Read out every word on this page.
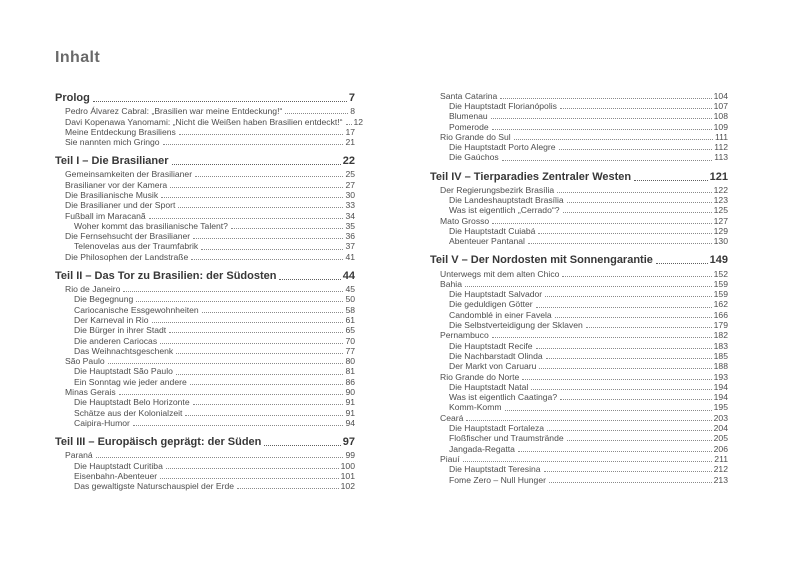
Inhalt
Prolog	7
Pedro Álvarez Cabral: „Brasilien war meine Entdeckung!“	8
Davi Kopenawa Yanomami: „Nicht die Weißen haben Brasilien entdeckt!“ 12
Meine Entdeckung Brasiliens	17
Sie nannten mich Gringo	21
Teil I – Die Brasilianer	22
Gemeinsamkeiten der Brasilianer	25
Brasilianer vor der Kamera	27
Die Brasilianische Musik	30
Die Brasilianer und der Sport	33
Fußball im Maracanã	34
Woher kommt das brasilianische Talent?	35
Die Fernsehsucht der Brasilianer	36
Telenovelas aus der Traumfabrik	37
Die Philosophen der Landstraße	41
Teil II – Das Tor zu Brasilien: der Südosten	44
Rio de Janeiro	45
Die Begegnung	50
Cariocanische Essgewohnheiten	58
Der Karneval in Rio	61
Die Bürger in ihrer Stadt	65
Die anderen Cariocas	70
Das Weihnachtsgeschenk	77
São Paulo	80
Die Hauptstadt São Paulo	81
Ein Sonntag wie jeder andere	86
Minas Gerais	90
Die Hauptstadt Belo Horizonte	91
Schätze aus der Kolonialzeit	91
Caipira-Humor	94
Teil III – Europäisch geprägt: der Süden	97
Paraná	99
Die Hauptstadt Curitiba	100
Eisenbahn-Abenteuer	101
Das gewaltigste Naturschauspiel der Erde	102
Santa Catarina	104
Die Hauptstadt Florianópolis	107
Blumenau	108
Pomerode	109
Rio Grande do Sul	111
Die Hauptstadt Porto Alegre	112
Die Gaúchos	113
Teil IV – Tierparadies Zentraler Westen	121
Der Regierungsbezirk Brasília	122
Die Landeshauptstadt Brasília	123
Was ist eigentlich „Cerrado“?	125
Mato Grosso	127
Die Hauptstadt Cuiabá	129
Abenteuer Pantanal	130
Teil V – Der Nordosten mit Sonnengarantie	149
Unterwegs mit dem alten Chico	152
Bahia	159
Die Hauptstadt Salvador	159
Die geduldigen Götter	162
Candomblé in einer Favela	166
Die Selbstverteidigung der Sklaven	179
Pernambuco	182
Die Hauptstadt Recife	183
Die Nachbarstadt Olinda	185
Der Markt von Caruaru	188
Rio Grande do Norte	193
Die Hauptstadt Natal	194
Was ist eigentlich Caatinga?	194
Komm-Komm	195
Ceará	203
Die Hauptstadt Fortaleza	204
Floßfischer und Traumstrände	205
Jangada-Regatta	206
Piauí	211
Die Hauptstadt Teresina	212
Fome Zero – Null Hunger	213
